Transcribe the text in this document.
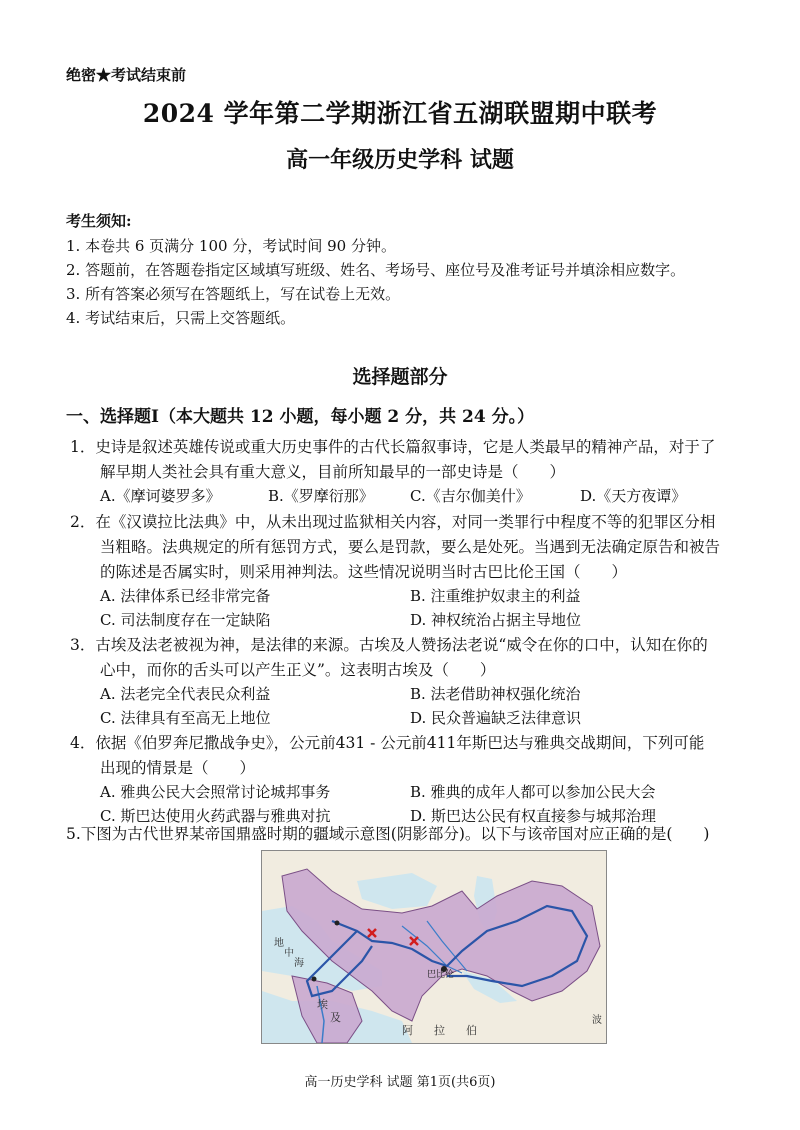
绝密★考试结束前
2024 学年第二学期浙江省五湖联盟期中联考
高一年级历史学科 试题
考生须知:
1. 本卷共 6 页满分 100 分，考试时间 90 分钟。
2. 答题前，在答题卷指定区域填写班级、姓名、考场号、座位号及准考证号并填涂相应数字。
3. 所有答案必须写在答题纸上，写在试卷上无效。
4. 考试结束后，只需上交答题纸。
选择题部分
一、选择题Ⅰ（本大题共 12 小题，每小题 2 分，共 24 分。）
1．史诗是叙述英雄传说或重大历史事件的古代长篇叙事诗，它是人类最早的精神产品，对于了
解早期人类社会具有重大意义，目前所知最早的一部史诗是（　　）
A.《摩诃婆罗多》	B.《罗摩衍那》 C.《吉尔伽美什》	D.《天方夜谭》
2．在《汉谟拉比法典》中，从未出现过监狱相关内容，对同一类罪行中程度不等的犯罪区分相
当粗略。法典规定的所有惩罚方式，要么是罚款，要么是处死。当遇到无法确定原告和被告
的陈述是否属实时，则采用神判法。这些情况说明当时古巴比伦王国（　　）
A. 法律体系已经非常完备	B. 注重维护奴隶主的利益
C. 司法制度存在一定缺陷	D. 神权统治占据主导地位
3．古埃及法老被视为神，是法律的来源。古埃及人赞扬法老说“威令在你的口中，认知在你的
心中，而你的舌头可以产生正义”。这表明古埃及（　　）
A. 法老完全代表民众利益	B. 法老借助神权强化统治
C. 法律具有至高无上地位	D. 民众普遍缺乏法律意识
4．依据《伯罗奔尼撒战争史》，公元前431 - 公元前411年斯巴达与雅典交战期间，下列可能
出现的情景是（　　）
A. 雅典公民大会照常讨论城邦事务	B. 雅典的成年人都可以参加公民大会
C. 斯巴达使用火药武器与雅典对抗	D. 斯巴达公民有权直接参与城邦治理
5.下图为古代世界某帝国鼎盛时期的疆域示意图(阴影部分)。以下与该帝国对应正确的是(　　)
阿 拉 伯
巴比伦
埃
及
地
中
海
波
高一历史学科 试题 第1页(共6页)
